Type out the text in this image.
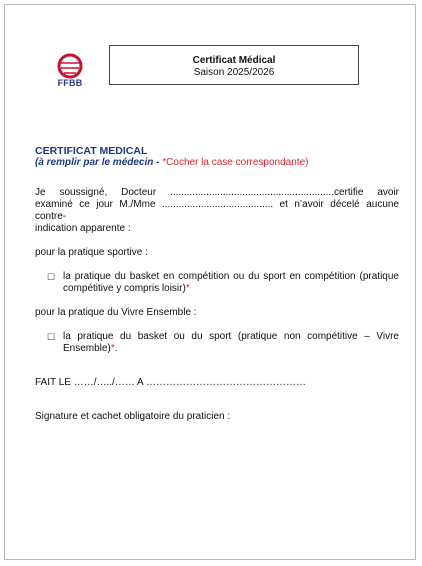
FFBB
Certificat Médical
Saison 2025/2026
CERTIFICAT MEDICAL
(à remplir par le médecin - *Cocher la case correspondante)
Je soussigné, Docteur ...........................................................certifie avoir
examiné ce jour M./Mme ........................................ et n’avoir décelé aucune contre-
indication apparente :
pour la pratique sportive :
☐ la pratique du basket en compétition ou du sport en compétition (pratique
compétitive y compris loisir)*
pour la pratique du Vivre Ensemble :
☐ la pratique du basket ou du sport (pratique non compétitive – Vivre
Ensemble)*.
FAIT LE ……/…../…… A …………………………………………
Signature et cachet obligatoire du praticien :
